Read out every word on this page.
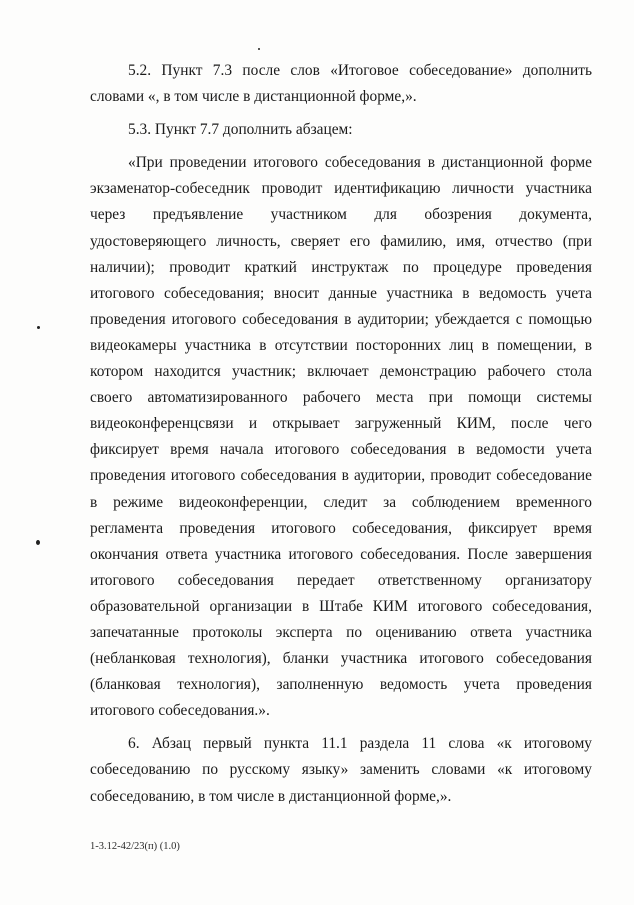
5.2. Пункт 7.3 после слов «Итоговое собеседование» дополнить словами «, в том числе в дистанционной форме,».

5.3. Пункт 7.7 дополнить абзацем:

«При проведении итогового собеседования в дистанционной форме экзаменатор-собеседник проводит идентификацию личности участника через предъявление участником для обозрения документа, удостоверяющего личность, сверяет его фамилию, имя, отчество (при наличии); проводит краткий инструктаж по процедуре проведения итогового собеседования; вносит данные участника в ведомость учета проведения итогового собеседования в аудитории; убеждается с помощью видеокамеры участника в отсутствии посторонних лиц в помещении, в котором находится участник; включает демонстрацию рабочего стола своего автоматизированного рабочего места при помощи системы видеоконференцсвязи и открывает загруженный КИМ, после чего фиксирует время начала итогового собеседования в ведомости учета проведения итогового собеседования в аудитории, проводит собеседование в режиме видеоконференции, следит за соблюдением временного регламента проведения итогового собеседования, фиксирует время окончания ответа участника итогового собеседования. После завершения итогового собеседования передает ответственному организатору образовательной организации в Штабе КИМ итогового собеседования, запечатанные протоколы эксперта по оцениванию ответа участника (небланковая технология), бланки участника итогового собеседования (бланковая технология), заполненную ведомость учета проведения итогового собеседования.».

6. Абзац первый пункта 11.1 раздела 11 слова «к итоговому собеседованию по русскому языку» заменить словами «к итоговому собеседованию, в том числе в дистанционной форме,».

1-3.12-42/23(п) (1.0)
